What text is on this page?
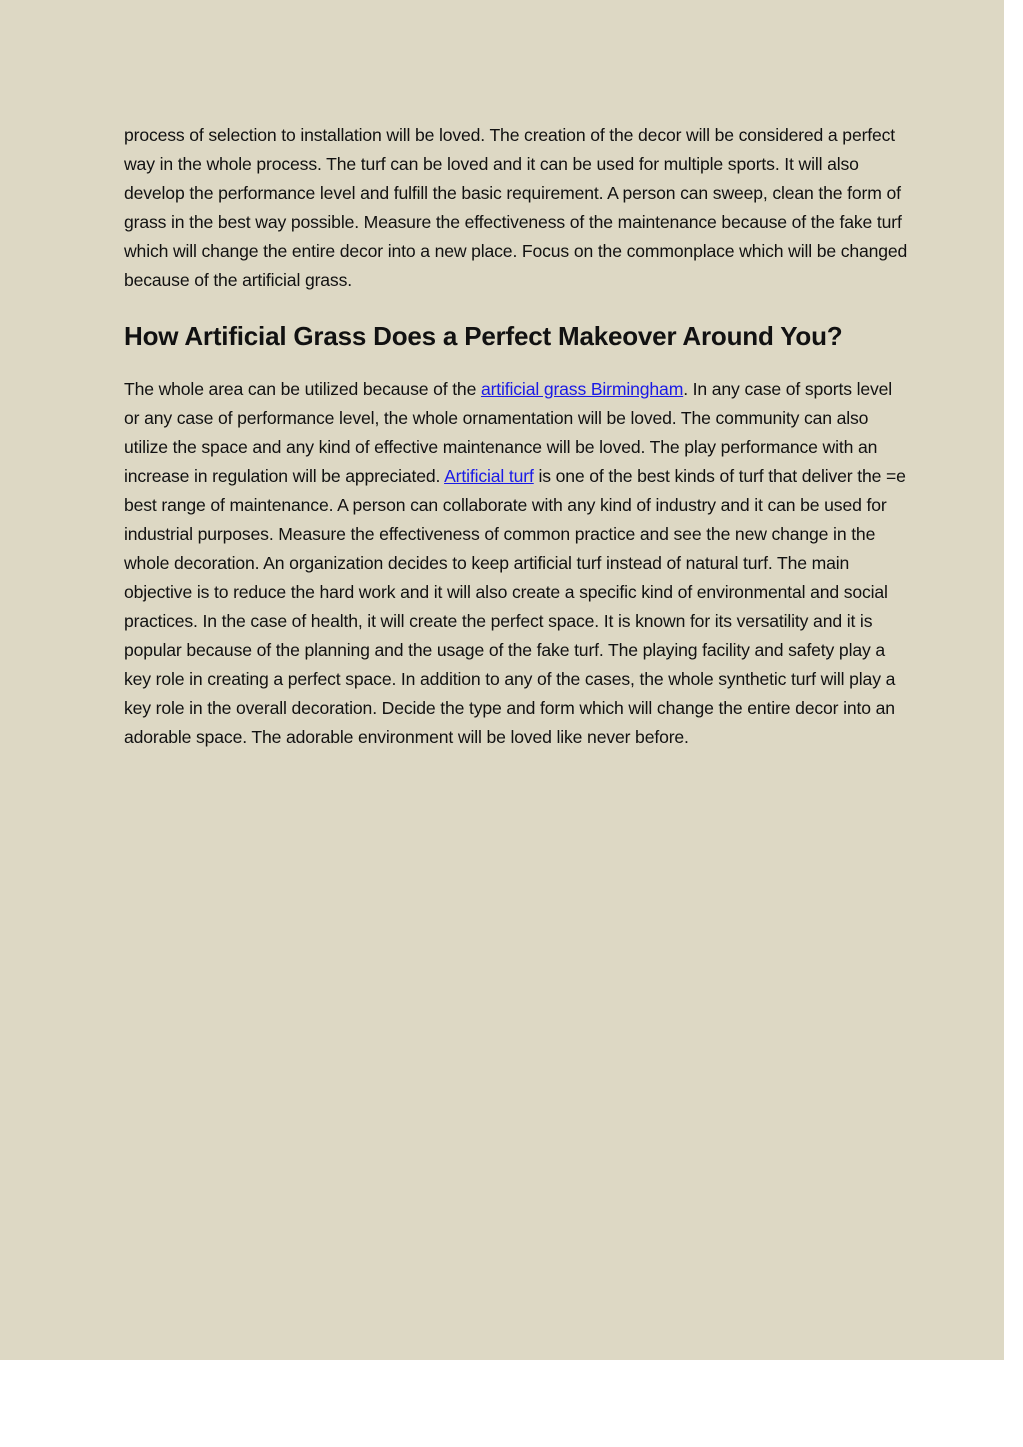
process of selection to installation will be loved. The creation of the decor will be considered a perfect way in the whole process. The turf can be loved and it can be used for multiple sports. It will also develop the performance level and fulfill the basic requirement. A person can sweep, clean the form of grass in the best way possible. Measure the effectiveness of the maintenance because of the fake turf which will change the entire decor into a new place. Focus on the commonplace which will be changed because of the artificial grass.

How Artificial Grass Does a Perfect Makeover Around You?

The whole area can be utilized because of the artificial grass Birmingham. In any case of sports level or any case of performance level, the whole ornamentation will be loved. The community can also utilize the space and any kind of effective maintenance will be loved. The play performance with an increase in regulation will be appreciated. Artificial turf is one of the best kinds of turf that deliver the =e best range of maintenance. A person can collaborate with any kind of industry and it can be used for industrial purposes. Measure the effectiveness of common practice and see the new change in the whole decoration. An organization decides to keep artificial turf instead of natural turf. The main objective is to reduce the hard work and it will also create a specific kind of environmental and social practices. In the case of health, it will create the perfect space. It is known for its versatility and it is popular because of the planning and the usage of the fake turf. The playing facility and safety play a key role in creating a perfect space. In addition to any of the cases, the whole synthetic turf will play a key role in the overall decoration. Decide the type and form which will change the entire decor into an adorable space. The adorable environment will be loved like never before.
